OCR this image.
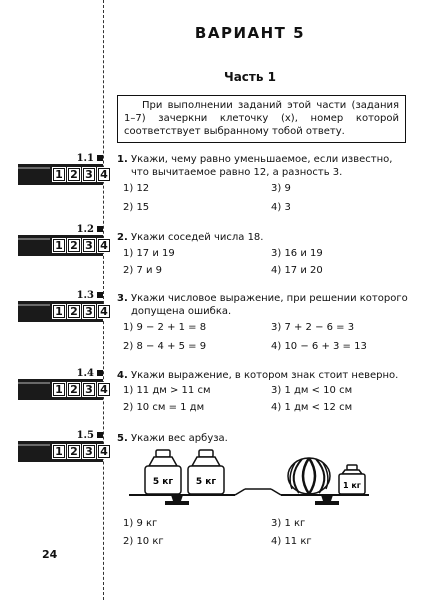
ВАРИАНТ 5
Часть 1
При выполнении заданий этой части (задания 1–7) зачеркни клеточку (х), номер которой соответствует выбранному тобой ответу.
1.1
1 2 3 4
1.2
1 2 3 4
1.3
1 2 3 4
1.4
1 2 3 4
1.5
1 2 3 4
1. Укажи, чему равно уменьшаемое, если известно, что вычитаемое равно 12, а разность 3.
1) 12	3) 9
2) 15	4) 3
2. Укажи соседей числа 18.
1) 17 и 19	3) 16 и 19
2) 7 и 9	4) 17 и 20
3. Укажи числовое выражение, при решении которого допущена ошибка.
1) 9 − 2 + 1 = 8	3) 7 + 2 − 6 = 3
2) 8 − 4 + 5 = 9	4) 10 − 6 + 3 = 13
4. Укажи выражение, в котором знак стоит неверно.
1) 11 дм > 11 см	3) 1 дм < 10 см
2) 10 см = 1 дм	4) 1 дм < 12 см
5. Укажи вес арбуза.
5 кг	5 кг	1 кг
1) 9 кг	3) 1 кг
2) 10 кг	4) 11 кг
24
